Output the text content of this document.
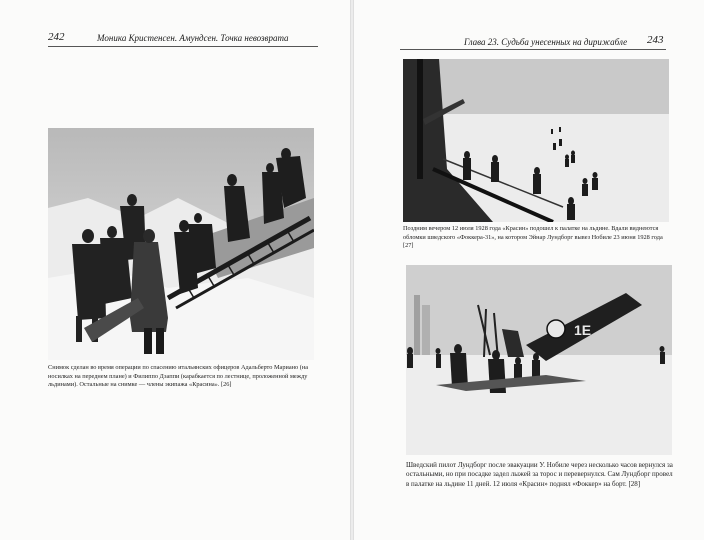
242	Моника Кристенсен. Амундсен. Точка невозврата
Снимок сделан во время операции по спасению итальянских офицеров Адальберто Мариано (на носилках на переднем плане) и Филиппо Дзаппи (карабкается по лестнице, проложенной между льдинами). Остальные на снимке — члены экипажа «Красина». [26]
Глава 23. Судьба унесенных на дирижабле 243
Поздним вечером 12 июля 1928 года «Красин» подошел к палатке на льдине. Вдали виднеются обломки шведского «Фоккера-31», на котором Эйнар Лундборг вывез Нобиле 23 июня 1928 года [27]
1E
Шведский пилот Лундборг после эвакуации У. Нобиле через несколько часов вернулся за остальными, но при посадке задел лыжей за торос и перевернулся. Сам Лундборг провел в палатке на льдине 11 дней. 12 июля «Красин» поднял «Фоккер» на борт. [28]
